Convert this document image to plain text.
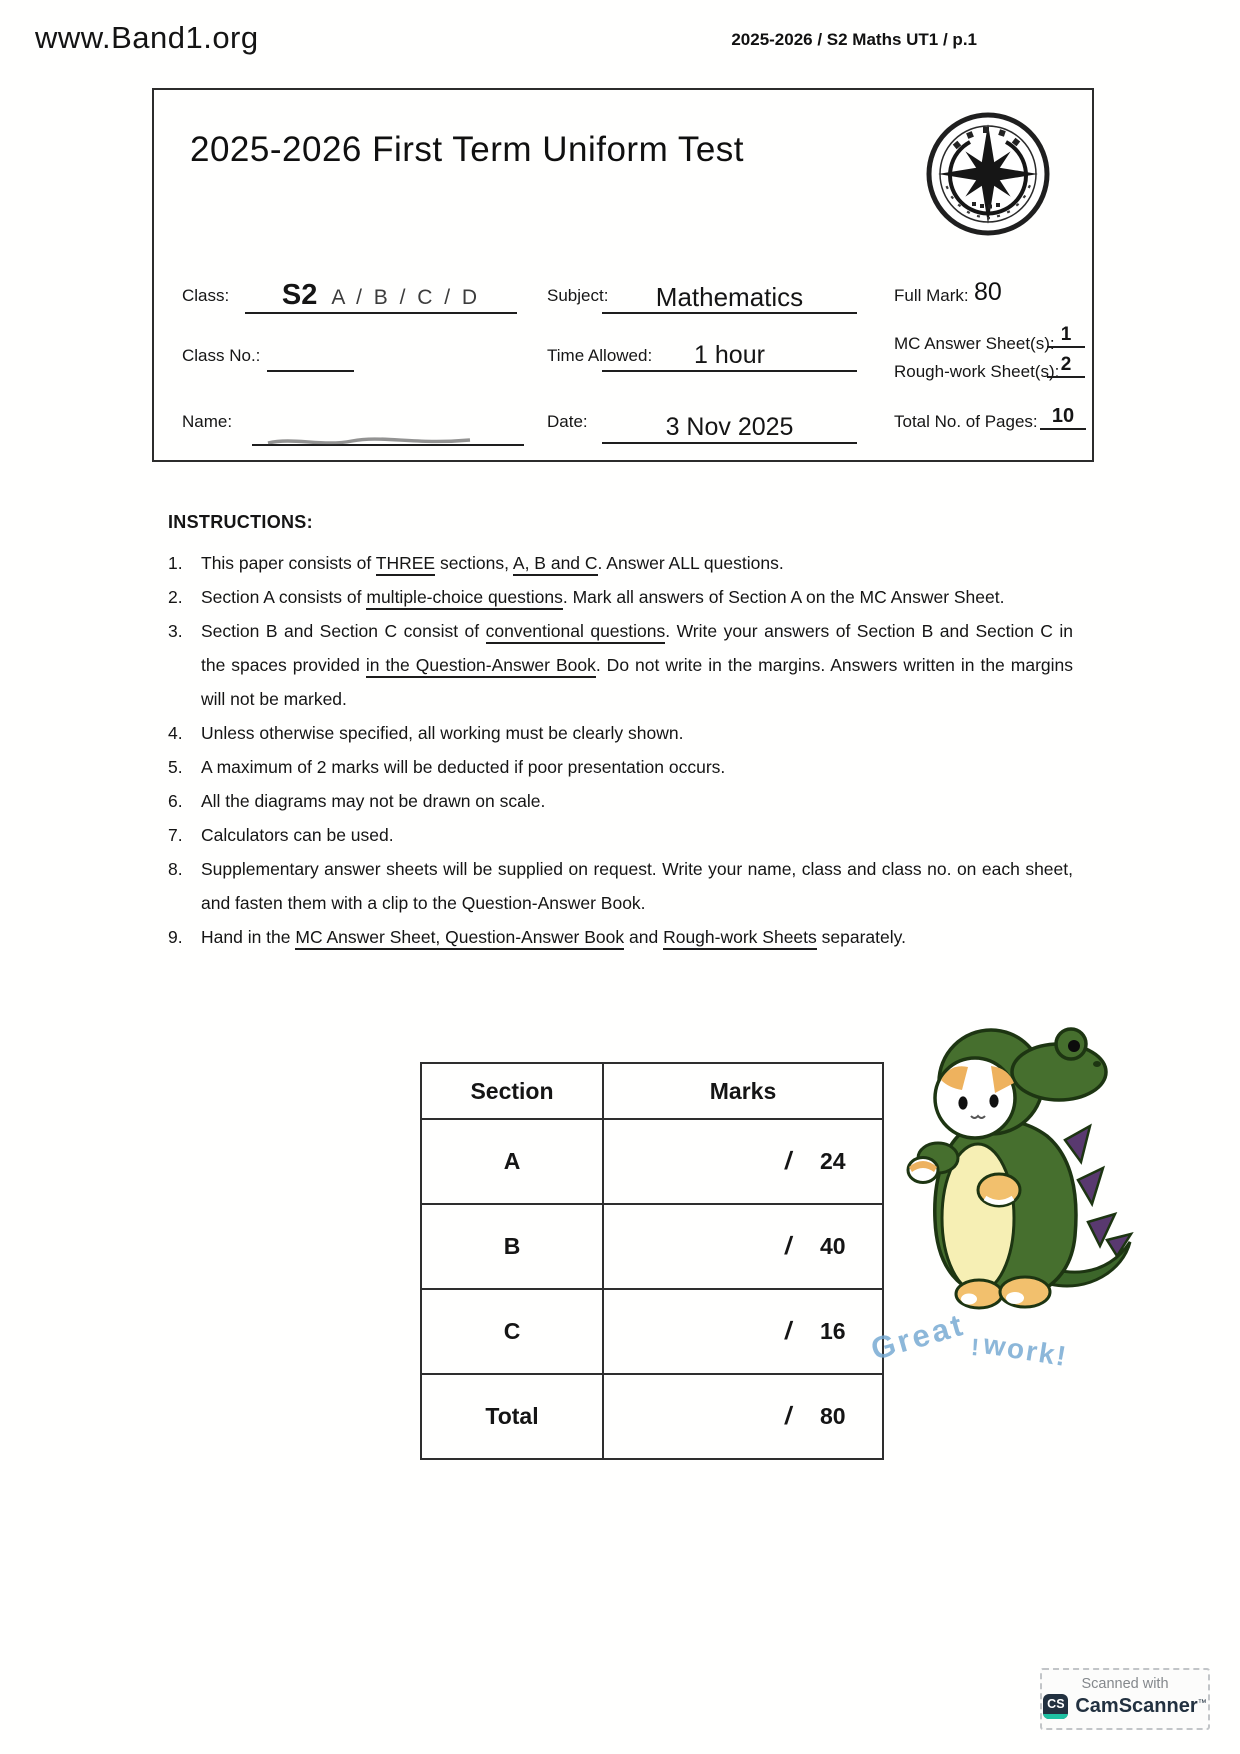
www.Band1.org	2025-2026 / S2 Maths UT1 / p.1
2025-2026 First Term Uniform Test
Class: S2 A / B / C / D	Subject: Mathematics	Full Mark: 80
Class No.:	Time Allowed: 1 hour	MC Answer Sheet(s): 1
Rough-work Sheet(s): 2
Name:	Date:	3 Nov 2025	Total No. of Pages: 10
INSTRUCTIONS:
1.	This paper consists of THREE sections, A, B and C. Answer ALL questions.
2.	Section A consists of multiple-choice questions. Mark all answers of Section A on the MC Answer Sheet.
3.	Section B and Section C consist of conventional questions. Write your answers of Section B and Section C in the spaces provided in the Question-Answer Book. Do not write in the margins. Answers written in the margins will not be marked.
4.	Unless otherwise specified, all working must be clearly shown.
5.	A maximum of 2 marks will be deducted if poor presentation occurs.
6.	All the diagrams may not be drawn on scale.
7.	Calculators can be used.
8.	Supplementary answer sheets will be supplied on request. Write your name, class and class no. on each sheet, and fasten them with a clip to the Question-Answer Book.
9.	Hand in the MC Answer Sheet, Question-Answer Book and Rough-work Sheets separately.
Section	Marks
A	/ 24
B	/ 40
C	/ 16
Total	/ 80
Great!work!
Scanned with
CS CamScanner™
